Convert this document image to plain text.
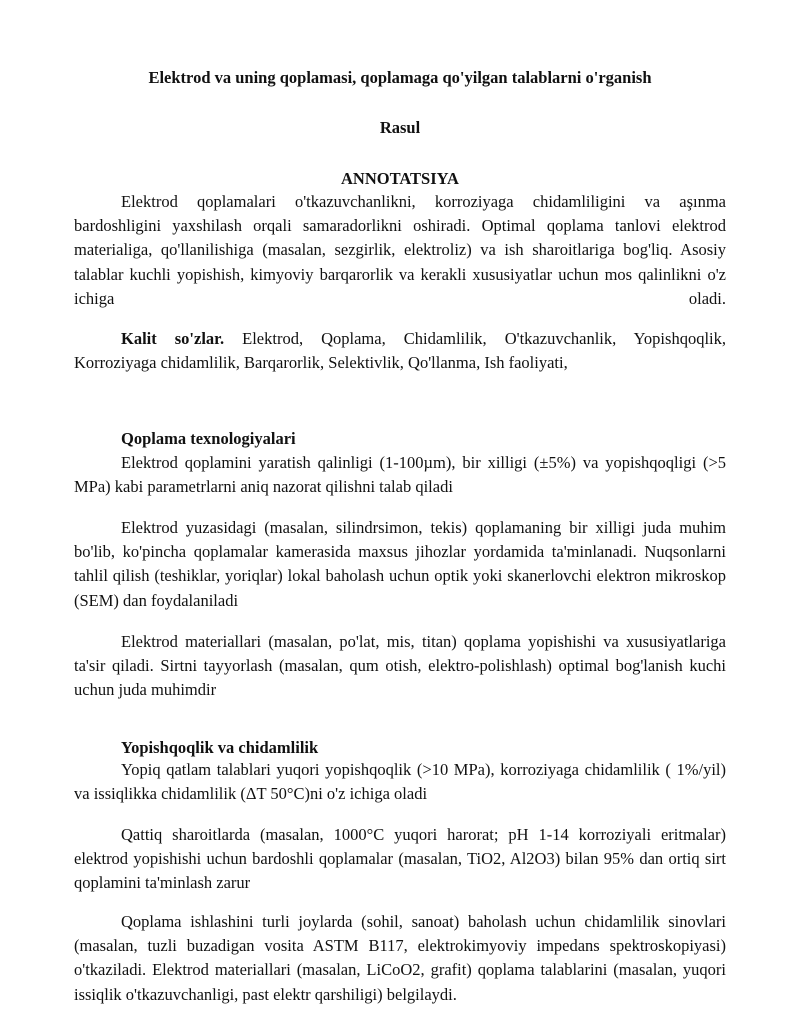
Elektrod va uning qoplamasi, qoplamaga qo'yilgan talablarni o'rganish
Rasul
ANNOTATSIYA
Elektrod qoplamalari o'tkazuvchanlikni, korroziyaga chidamliligini va aşınma bardoshligini yaxshilash orqali samaradorlikni oshiradi. Optimal qoplama tanlovi elektrod materialiga, qo'llanilishiga (masalan, sezgirlik, elektroliz) va ish sharoitlariga bog'liq. Asosiy talablar kuchli yopishish, kimyoviy barqarorlik va kerakli xususiyatlar uchun mos qalinlikni o'z ichiga oladi.
Kalit so'zlar. Elektrod, Qoplama, Chidamlilik, O'tkazuvchanlik, Yopishqoqlik, Korroziyaga chidamlilik, Barqarorlik, Selektivlik, Qo'llanma, Ish faoliyati,
Qoplama texnologiyalari
Elektrod qoplamini yaratish qalinligi (1-100µm), bir xilligi (±5%) va yopishqoqligi (>5 MPa) kabi parametrlarni aniq nazorat qilishni talab qiladi
Elektrod yuzasidagi (masalan, silindrsimon, tekis) qoplamaning bir xilligi juda muhim bo'lib, ko'pincha qoplamalar kamerasida maxsus jihozlar yordamida ta'minlanadi. Nuqsonlarni tahlil qilish (teshiklar, yoriqlar) lokal baholash uchun optik yoki skanerlovchi elektron mikroskop (SEM) dan foydalaniladi
Elektrod materiallari (masalan, po'lat, mis, titan) qoplama yopishishi va xususiyatlariga ta'sir qiladi. Sirtni tayyorlash (masalan, qum otish, elektro-polishlash) optimal bog'lanish kuchi uchun juda muhimdir
Yopishqoqlik va chidamlilik
Yopiq qatlam talablari yuqori yopishqoqlik (>10 MPa), korroziyaga chidamlilik ( 1%/yil) va issiqlikka chidamlilik (ΔT 50°C)ni o'z ichiga oladi
Qattiq sharoitlarda (masalan, 1000°C yuqori harorat; pH 1-14 korroziyali eritmalar) elektrod yopishishi uchun bardoshli qoplamalar (masalan, TiO2, Al2O3) bilan 95% dan ortiq sirt qoplamini ta'minlash zarur
Qoplama ishlashini turli joylarda (sohil, sanoat) baholash uchun chidamlilik sinovlari (masalan, tuzli buzadigan vosita ASTM B117, elektrokimyoviy impedans spektroskopiyasi) o'tkaziladi. Elektrod materiallari (masalan, LiCoO2, grafit) qoplama talablarini (masalan, yuqori issiqlik o'tkazuvchanligi, past elektr qarshiligi) belgilaydi.
